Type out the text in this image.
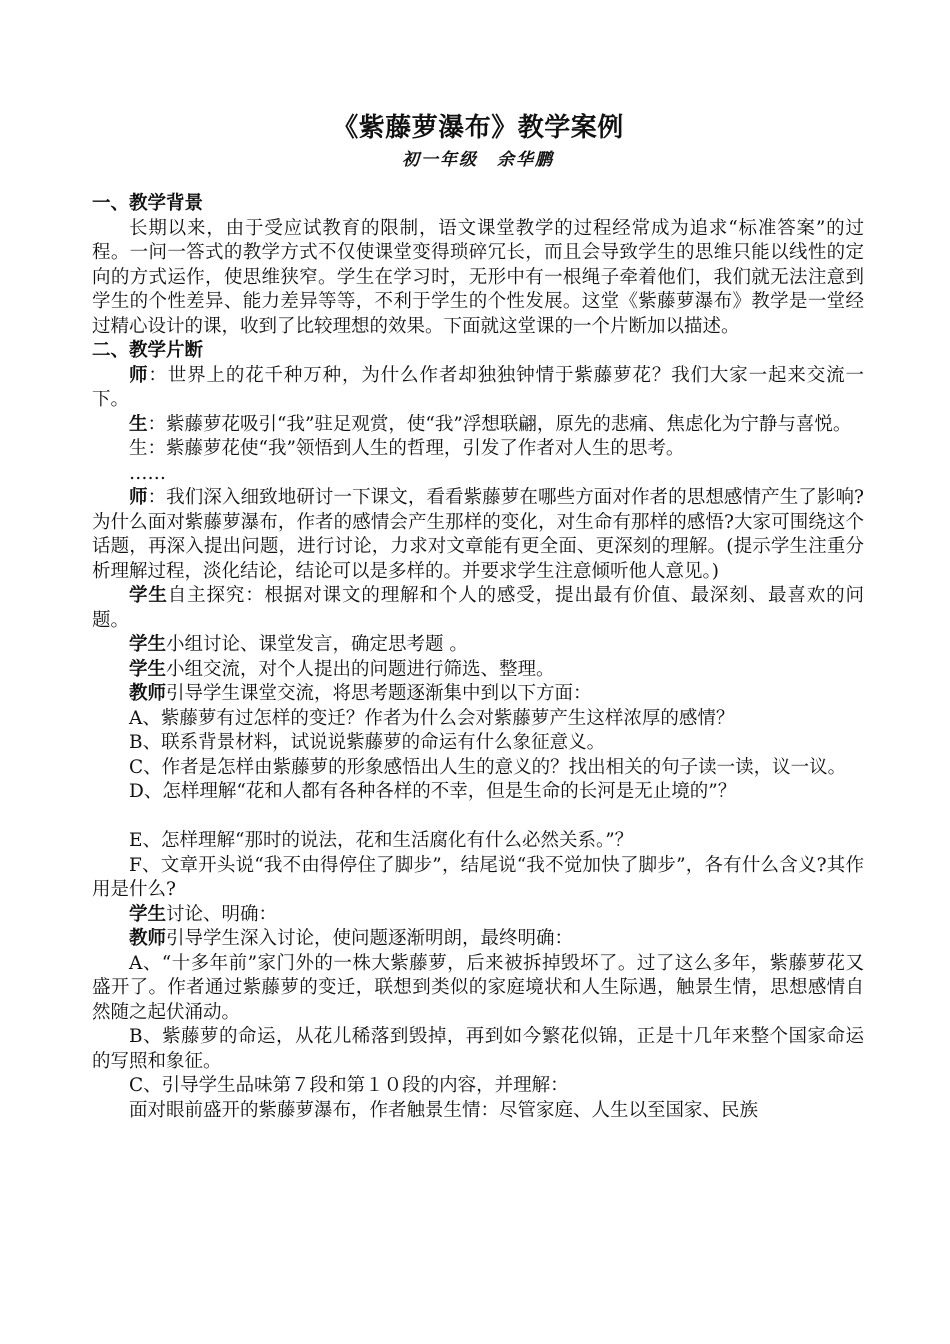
《紫藤萝瀑布》教学案例
初一年级　余华鹏
一、教学背景

长期以来，由于受应试教育的限制，语文课堂教学的过程经常成为追求“标准答案”的过程。一问一答式的教学方式不仅使课堂变得琐碎冗长，而且会导致学生的思维只能以线性的定向的方式运作，使思维狭窄。学生在学习时，无形中有一根绳子牵着他们，我们就无法注意到学生的个性差异、能力差异等等，不利于学生的个性发展。这堂《紫藤萝瀑布》教学是一堂经过精心设计的课，收到了比较理想的效果。下面就这堂课的一个片断加以描述。

二、教学片断

师：世界上的花千种万种，为什么作者却独独钟情于紫藤萝花？我们大家一起来交流一下。

生：紫藤萝花吸引“我”驻足观赏，使“我”浮想联翩，原先的悲痛、焦虑化为宁静与喜悦。

生：紫藤萝花使“我”领悟到人生的哲理，引发了作者对人生的思考。

……

师：我们深入细致地研讨一下课文，看看紫藤萝在哪些方面对作者的思想感情产生了影响?为什么面对紫藤萝瀑布，作者的感情会产生那样的变化，对生命有那样的感悟?大家可围绕这个话题，再深入提出问题，进行讨论，力求对文章能有更全面、更深刻的理解。(提示学生注重分析理解过程，淡化结论，结论可以是多样的。并要求学生注意倾听他人意见。)

学生自主探究：根据对课文的理解和个人的感受，提出最有价值、最深刻、最喜欢的问题。

学生小组讨论、课堂发言，确定思考题 。

学生小组交流，对个人提出的问题进行筛选、整理。

教师引导学生课堂交流，将思考题逐渐集中到以下方面：

A、紫藤萝有过怎样的变迁？作者为什么会对紫藤萝产生这样浓厚的感情？

B、联系背景材料，试说说紫藤萝的命运有什么象征意义。

C、作者是怎样由紫藤萝的形象感悟出人生的意义的？找出相关的句子读一读，议一议。

D、怎样理解“花和人都有各种各样的不幸，但是生命的长河是无止境的”？

E、怎样理解“那时的说法，花和生活腐化有什么必然关系。”？

F、文章开头说“我不由得停住了脚步”，结尾说“我不觉加快了脚步”，各有什么含义?其作用是什么?

学生讨论、明确：

教师引导学生深入讨论，使问题逐渐明朗，最终明确：

A、“十多年前”家门外的一株大紫藤萝，后来被拆掉毁坏了。过了这么多年，紫藤萝花又盛开了。作者通过紫藤萝的变迁，联想到类似的家庭境状和人生际遇，触景生情，思想感情自然随之起伏涌动。

B、紫藤萝的命运，从花儿稀落到毁掉，再到如今繁花似锦，正是十几年来整个国家命运的写照和象征。

C、引导学生品味第７段和第１０段的内容，并理解：

面对眼前盛开的紫藤萝瀑布，作者触景生情：尽管家庭、人生以至国家、民族
